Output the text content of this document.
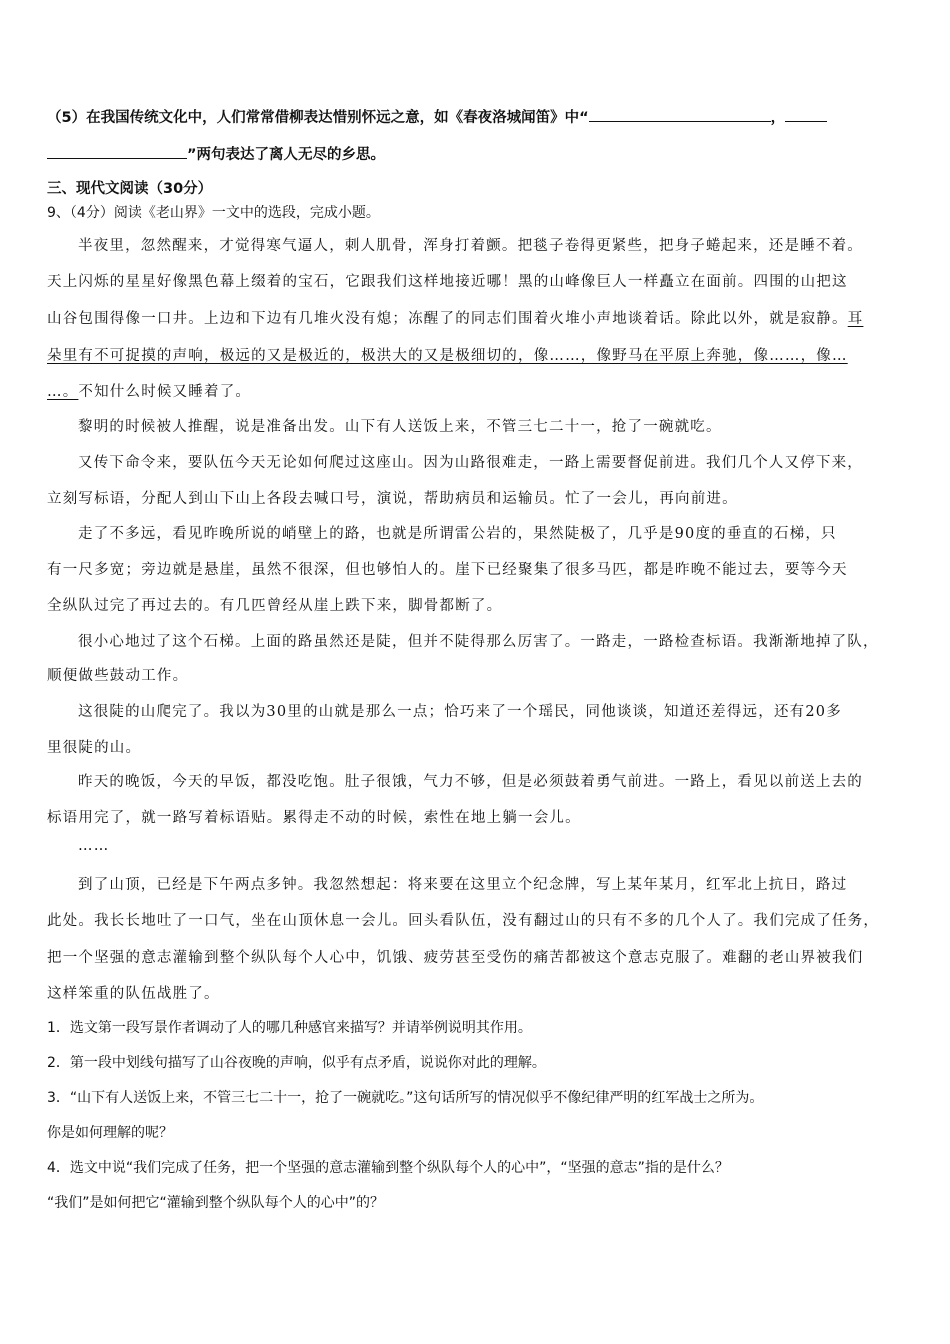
（5）在我国传统文化中，人们常常借柳表达惜别怀远之意，如《春夜洛城闻笛》中“	，
”两句表达了离人无尽的乡思。
三、现代文阅读（30分）
9、（4分）阅读《老山界》一文中的选段，完成小题。
半夜里，忽然醒来，才觉得寒气逼人，刺人肌骨，浑身打着颤。把毯子卷得更紧些，把身子蜷起来，还是睡不着。
天上闪烁的星星好像黑色幕上缀着的宝石，它跟我们这样地接近哪！黑的山峰像巨人一样矗立在面前。四围的山把这
山谷包围得像一口井。上边和下边有几堆火没有熄；冻醒了的同志们围着火堆小声地谈着话。除此以外，就是寂静。耳
朵里有不可捉摸的声响，极远的又是极近的，极洪大的又是极细切的，像……，像野马在平原上奔驰，像……，像…
…。不知什么时候又睡着了。
黎明的时候被人推醒，说是准备出发。山下有人送饭上来，不管三七二十一，抢了一碗就吃。
又传下命令来，要队伍今天无论如何爬过这座山。因为山路很难走，一路上需要督促前进。我们几个人又停下来，
立刻写标语，分配人到山下山上各段去喊口号，演说，帮助病员和运输员。忙了一会儿，再向前进。
走了不多远，看见昨晚所说的峭壁上的路，也就是所谓雷公岩的，果然陡极了，几乎是90度的垂直的石梯，只
有一尺多宽；旁边就是悬崖，虽然不很深，但也够怕人的。崖下已经聚集了很多马匹，都是昨晚不能过去，要等今天
全纵队过完了再过去的。有几匹曾经从崖上跌下来，脚骨都断了。
很小心地过了这个石梯。上面的路虽然还是陡，但并不陡得那么厉害了。一路走，一路检查标语。我渐渐地掉了队，
顺便做些鼓动工作。
这很陡的山爬完了。我以为30里的山就是那么一点；恰巧来了一个瑶民，同他谈谈，知道还差得远，还有20多
里很陡的山。
昨天的晚饭，今天的早饭，都没吃饱。肚子很饿，气力不够，但是必须鼓着勇气前进。一路上，看见以前送上去的
标语用完了，就一路写着标语贴。累得走不动的时候，索性在地上躺一会儿。
……
到了山顶，已经是下午两点多钟。我忽然想起：将来要在这里立个纪念牌，写上某年某月，红军北上抗日，路过
此处。我长长地吐了一口气，坐在山顶休息一会儿。回头看队伍，没有翻过山的只有不多的几个人了。我们完成了任务，
把一个坚强的意志灌输到整个纵队每个人心中，饥饿、疲劳甚至受伤的痛苦都被这个意志克服了。难翻的老山界被我们
这样笨重的队伍战胜了。
1．选文第一段写景作者调动了人的哪几种感官来描写？并请举例说明其作用。
2．第一段中划线句描写了山谷夜晚的声响，似乎有点矛盾，说说你对此的理解。
3．“山下有人送饭上来，不管三七二十一，抢了一碗就吃。”这句话所写的情况似乎不像纪律严明的红军战士之所为。
你是如何理解的呢？
4．选文中说“我们完成了任务，把一个坚强的意志灌输到整个纵队每个人的心中”，“坚强的意志”指的是什么？
“我们”是如何把它“灌输到整个纵队每个人的心中”的？
